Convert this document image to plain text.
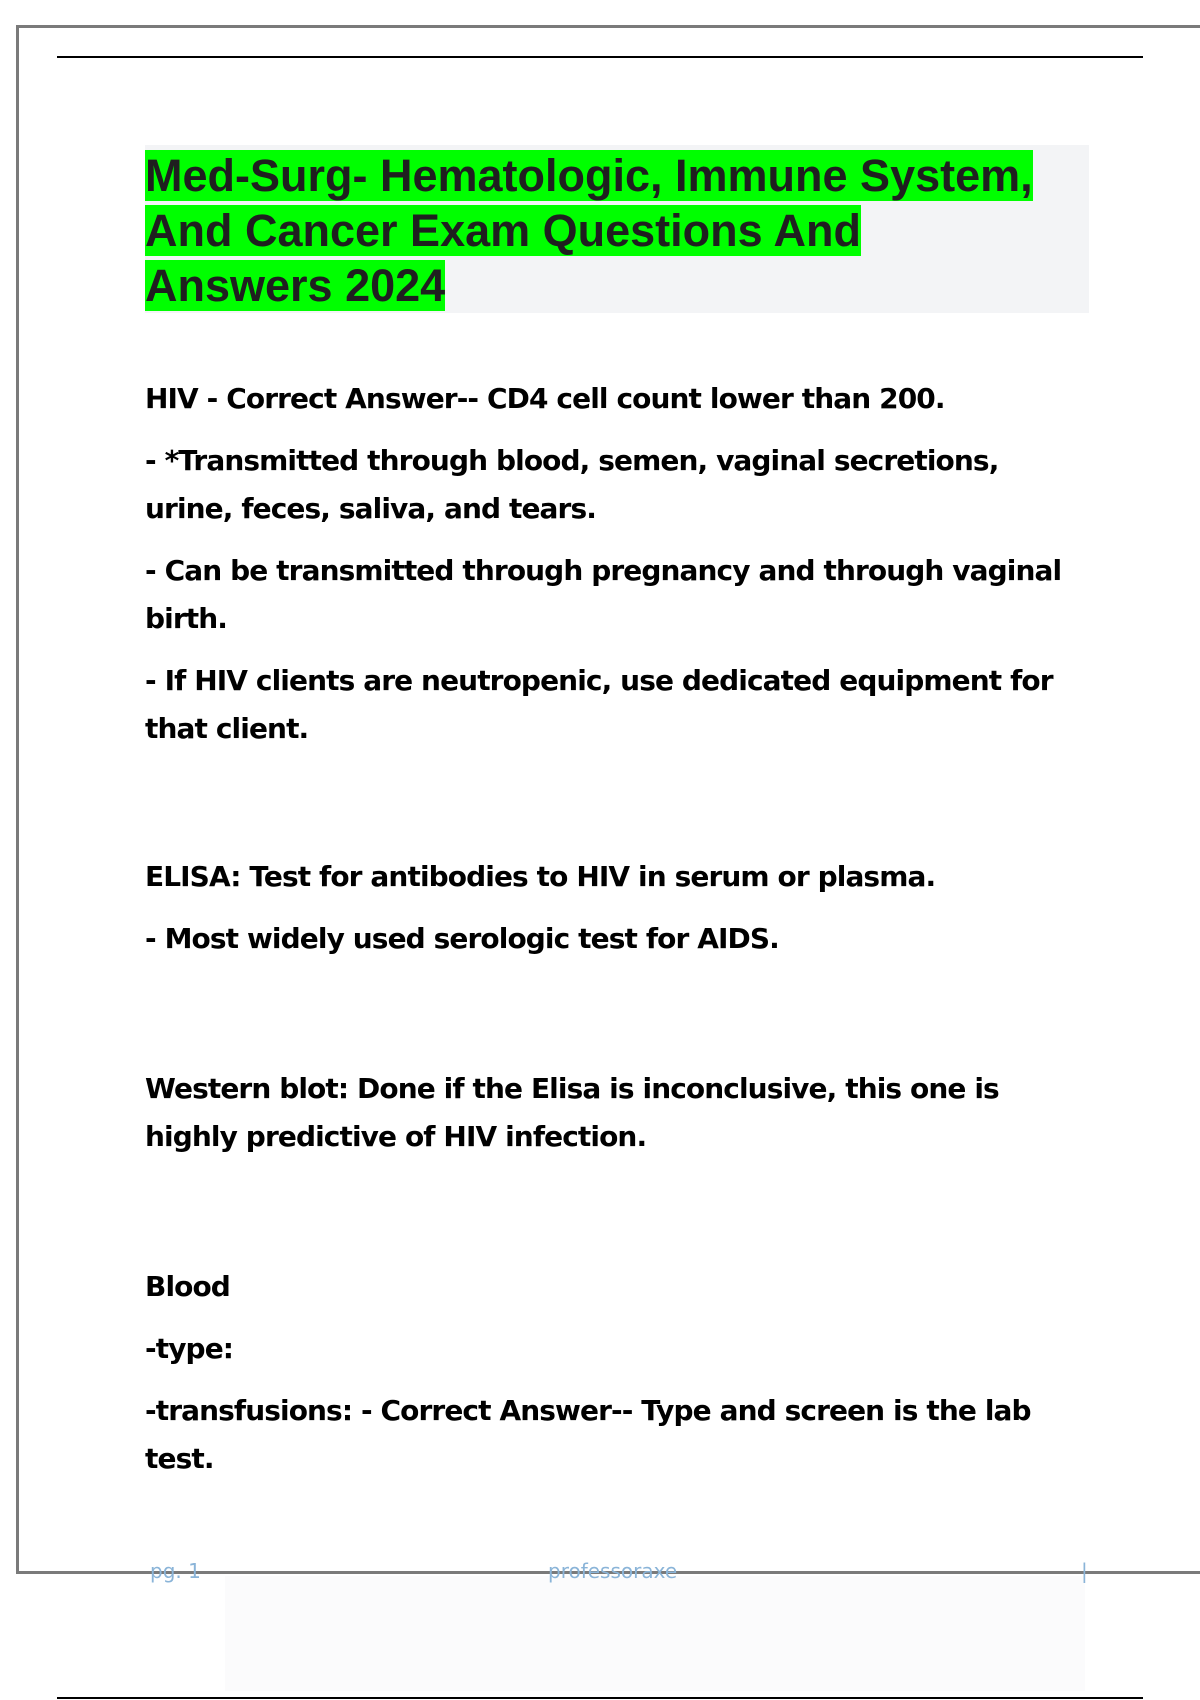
Med-Surg- Hematologic, Immune System, And Cancer Exam Questions And Answers 2024

HIV - Correct Answer-- CD4 cell count lower than 200.

- *Transmitted through blood, semen, vaginal secretions, urine, feces, saliva, and tears.

- Can be transmitted through pregnancy and through vaginal birth.

- If HIV clients are neutropenic, use dedicated equipment for that client.

ELISA: Test for antibodies to HIV in serum or plasma.

- Most widely used serologic test for AIDS.

Western blot: Done if the Elisa is inconclusive, this one is highly predictive of HIV infection.

Blood

-type:

-transfusions: - Correct Answer-- Type and screen is the lab test.

pg. 1	professoraxe	|
